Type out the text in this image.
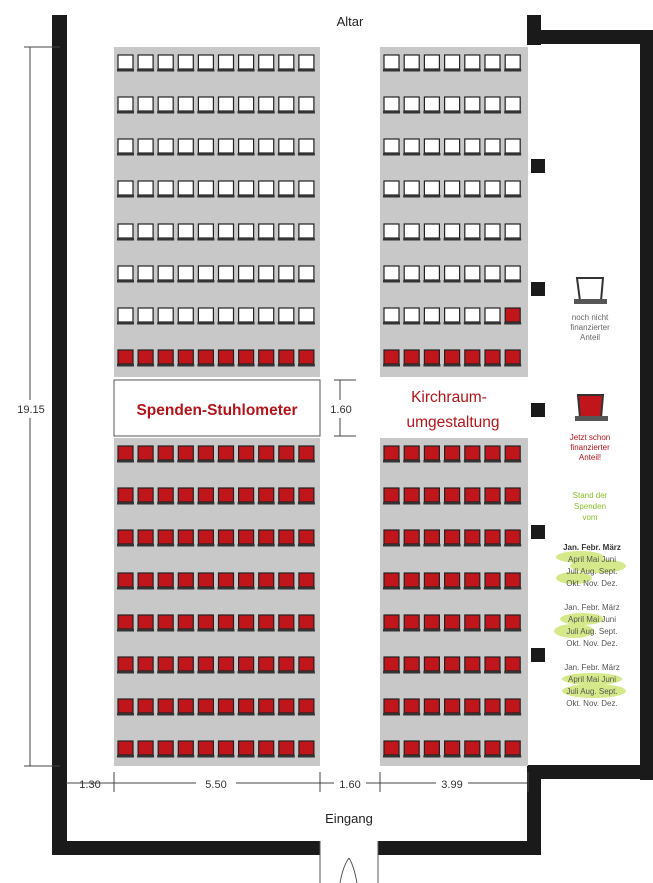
Altar
Eingang
19.15	1.60
1.30	5.50	1.60	3.99
Spenden-Stuhlometer
Kirchraum-
umgestaltung
noch nicht
finanzierter
Anteil
Jetzt schon
finanzierter
Anteil!
Stand der
Spenden
vom
Jan. Febr. März
April Mai Juni
Juli Aug. Sept.
Okt. Nov. Dez.
Jan. Febr. März
April Mai Juni
Juli Aug. Sept.
Okt. Nov. Dez.
Jan. Febr. März
April Mai Juni
Juli Aug. Sept.
Okt. Nov. Dez.
